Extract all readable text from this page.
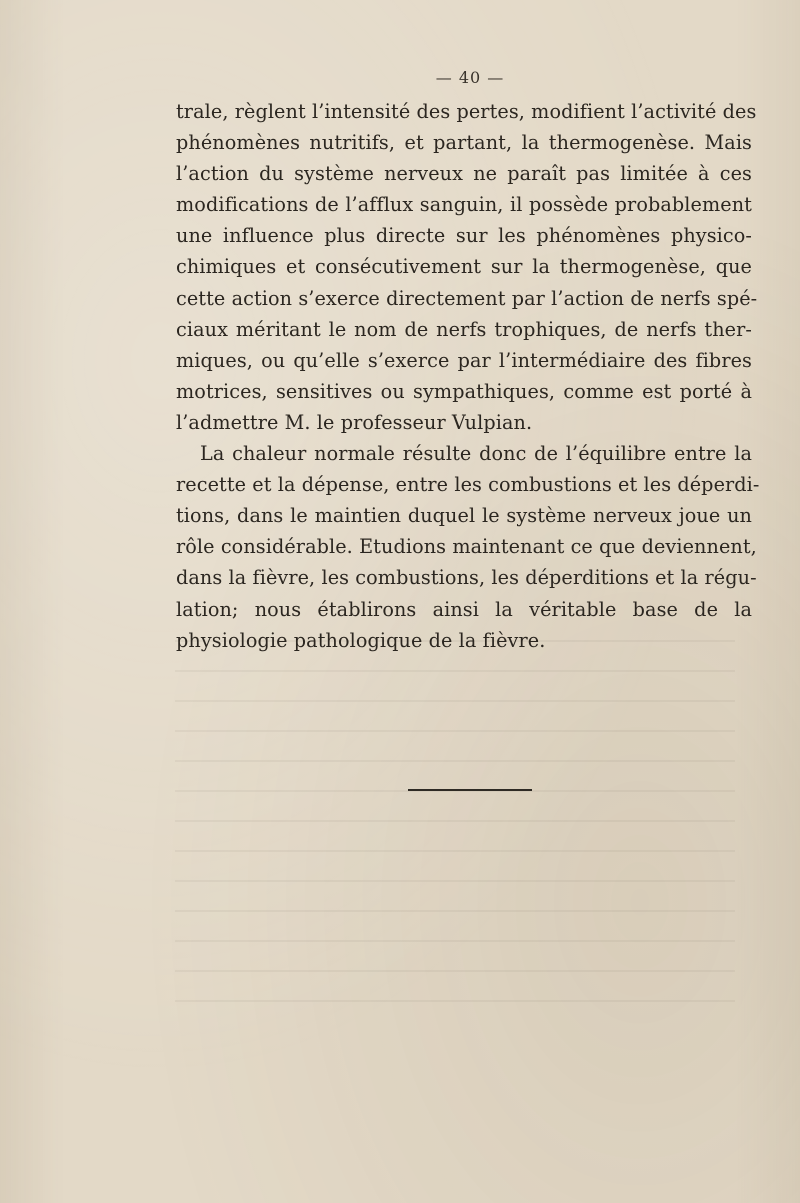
— 40 —
trale, règlent l’intensité des pertes, modifient l’activité des
phénomènes nutritifs, et partant, la thermogenèse. Mais
l’action du système nerveux ne paraît pas limitée à ces
modifications de l’afflux sanguin, il possède probablement
une influence plus directe sur les phénomènes physico-
chimiques et consécutivement sur la thermogenèse, que
cette action s’exerce directement par l’action de nerfs spé-
ciaux méritant le nom de nerfs trophiques, de nerfs ther-
miques, ou qu’elle s’exerce par l’intermédiaire des fibres
motrices, sensitives ou sympathiques, comme est porté à
l’admettre M. le professeur Vulpian.
La chaleur normale résulte donc de l’équilibre entre la
recette et la dépense, entre les combustions et les déperdi-
tions, dans le maintien duquel le système nerveux joue un
rôle considérable. Etudions maintenant ce que deviennent,
dans la fièvre, les combustions, les déperditions et la régu-
lation; nous établirons ainsi la véritable base de la
physiologie pathologique de la fièvre.
